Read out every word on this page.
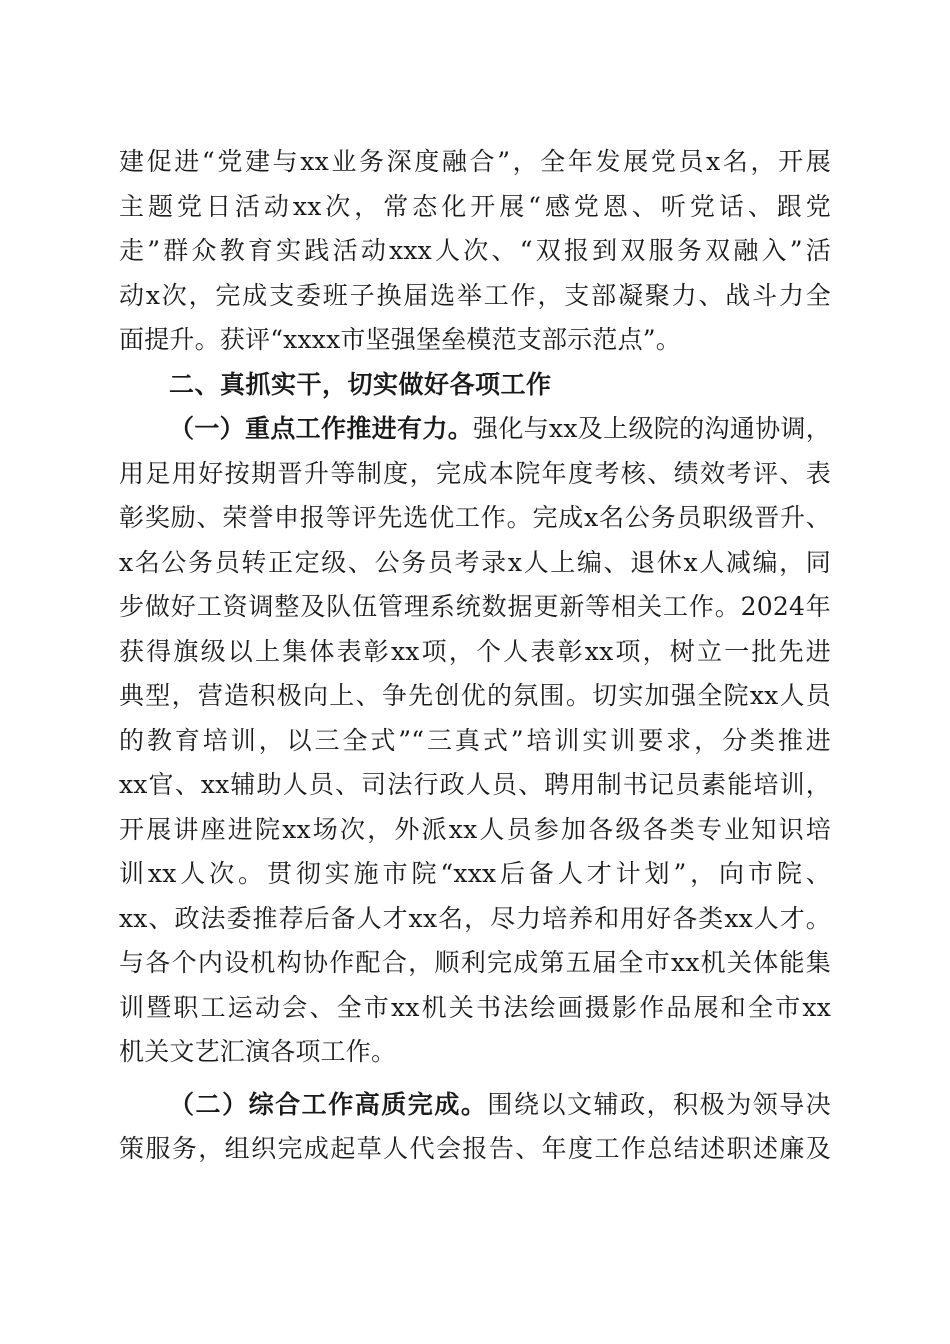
建促进“党建与xx业务深度融合”，全年发展党员x名，开展
主题党日活动xx次，常态化开展“感党恩、听党话、跟党
走”群众教育实践活动xxx人次、“双报到双服务双融入”活
动x次，完成支委班子换届选举工作，支部凝聚力、战斗力全
面提升。获评“xxxx市坚强堡垒模范支部示范点”。
二、真抓实干，切实做好各项工作
（一）重点工作推进有力。强化与xx及上级院的沟通协调，
用足用好按期晋升等制度，完成本院年度考核、绩效考评、表
彰奖励、荣誉申报等评先选优工作。完成x名公务员职级晋升、
x名公务员转正定级、公务员考录x人上编、退休x人减编，同
步做好工资调整及队伍管理系统数据更新等相关工作。2024年
获得旗级以上集体表彰xx项，个人表彰xx项，树立一批先进
典型，营造积极向上、争先创优的氛围。切实加强全院xx人员
的教育培训，以三全式”“三真式”培训实训要求，分类推进
xx官、xx辅助人员、司法行政人员、聘用制书记员素能培训，
开展讲座进院xx场次，外派xx人员参加各级各类专业知识培
训xx人次。贯彻实施市院“xxx后备人才计划”，向市院、
xx、政法委推荐后备人才xx名，尽力培养和用好各类xx人才。
与各个内设机构协作配合，顺利完成第五届全市xx机关体能集
训暨职工运动会、全市xx机关书法绘画摄影作品展和全市xx
机关文艺汇演各项工作。
（二）综合工作高质完成。围绕以文辅政，积极为领导决
策服务，组织完成起草人代会报告、年度工作总结述职述廉及
